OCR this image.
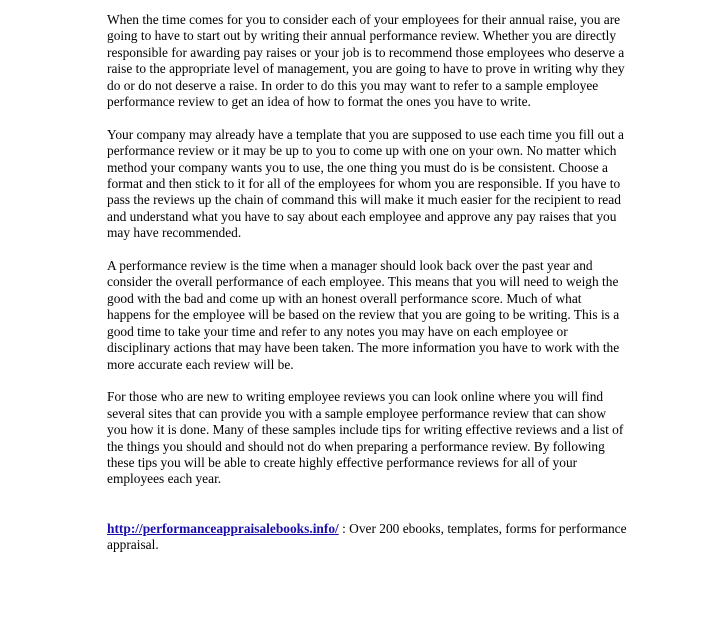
When the time comes for you to consider each of your employees for their annual raise, you are going to have to start out by writing their annual performance review. Whether you are directly responsible for awarding pay raises or your job is to recommend those employees who deserve a raise to the appropriate level of management, you are going to have to prove in writing why they do or do not deserve a raise. In order to do this you may want to refer to a sample employee performance review to get an idea of how to format the ones you have to write.

Your company may already have a template that you are supposed to use each time you fill out a performance review or it may be up to you to come up with one on your own. No matter which method your company wants you to use, the one thing you must do is be consistent. Choose a format and then stick to it for all of the employees for whom you are responsible. If you have to pass the reviews up the chain of command this will make it much easier for the recipient to read and understand what you have to say about each employee and approve any pay raises that you may have recommended.

A performance review is the time when a manager should look back over the past year and consider the overall performance of each employee. This means that you will need to weigh the good with the bad and come up with an honest overall performance score. Much of what happens for the employee will be based on the review that you are going to be writing. This is a good time to take your time and refer to any notes you may have on each employee or disciplinary actions that may have been taken. The more information you have to work with the more accurate each review will be.

For those who are new to writing employee reviews you can look online where you will find several sites that can provide you with a sample employee performance review that can show you how it is done. Many of these samples include tips for writing effective reviews and a list of the things you should and should not do when preparing a performance review. By following these tips you will be able to create highly effective performance reviews for all of your employees each year.

http://performanceappraisalebooks.info/ : Over 200 ebooks, templates, forms for performance appraisal.
